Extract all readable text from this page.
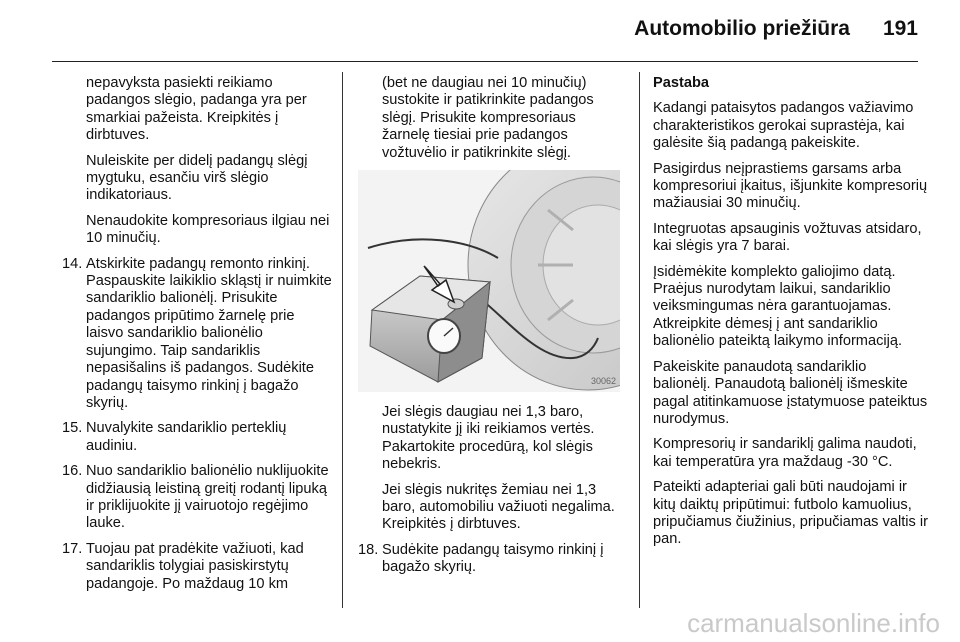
Automobilio priežiūra 191

nepavyksta pasiekti reikiamo padangos slėgio, padanga yra per smarkiai pažeista. Kreipkitės į dirbtuves.

Nuleiskite per didelį padangų slėgį mygtuku, esančiu virš slėgio indikatoriaus.

Nenaudokite kompresoriaus ilgiau nei 10 minučių.

14. Atskirkite padangų remonto rinkinį. Paspauskite laikiklio skląstį ir nuimkite sandariklio balionėlį. Prisukite padangos pripūtimo žarnelę prie laisvo sandariklio balionėlio sujungimo. Taip sandariklis nepasišalins iš padangos. Sudėkite padangų taisymo rinkinį į bagažo skyrių.
15. Nuvalykite sandariklio perteklių audiniu.
16. Nuo sandariklio balionėlio nuklijuokite didžiausią leistiną greitį rodantį lipuką ir priklijuokite jį vairuotojo regėjimo lauke.
17. Tuojau pat pradėkite važiuoti, kad sandariklis tolygiai pasiskirstytų padangoje. Po maždaug 10 km

(bet ne daugiau nei 10 minučių) sustokite ir patikrinkite padangos slėgį. Prisukite kompresoriaus žarnelę tiesiai prie padangos vožtuvėlio ir patikrinkite slėgį.

30062

Jei slėgis daugiau nei 1,3 baro, nustatykite jį iki reikiamos vertės. Pakartokite procedūrą, kol slėgis nebekris.

Jei slėgis nukritęs žemiau nei 1,3 baro, automobiliu važiuoti negalima. Kreipkitės į dirbtuves.

18. Sudėkite padangų taisymo rinkinį į bagažo skyrių.

Pastaba

Kadangi pataisytos padangos važiavimo charakteristikos gerokai suprastėja, kai galėsite šią padangą pakeiskite.

Pasigirdus neįprastiems garsams arba kompresoriui įkaitus, išjunkite kompresorių mažiausiai 30 minučių.

Integruotas apsauginis vožtuvas atsidaro, kai slėgis yra 7 barai.

Įsidėmėkite komplekto galiojimo datą. Praėjus nurodytam laikui, sandariklio veiksmingumas nėra garantuojamas. Atkreipkite dėmesį į ant sandariklio balionėlio pateiktą laikymo informaciją.

Pakeiskite panaudotą sandariklio balionėlį. Panaudotą balionėlį išmeskite pagal atitinkamuose įstatymuose pateiktus nurodymus.

Kompresorių ir sandariklį galima naudoti, kai temperatūra yra maždaug -30 °C.

Pateikti adapteriai gali būti naudojami ir kitų daiktų pripūtimui: futbolo kamuolius, pripučiamus čiužinius, pripučiamas valtis ir pan.

carmanualsonline.info
